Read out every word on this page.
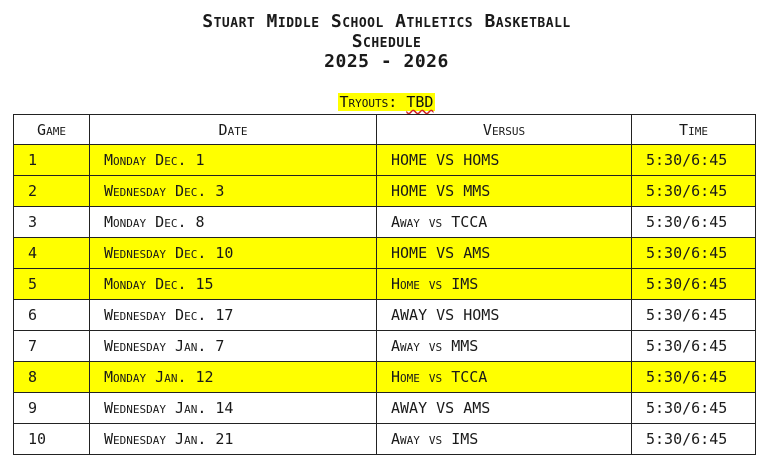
Stuart Middle School Athletics Basketball
Schedule
2025 - 2026
Tryouts: TBD
Game	Date	Versus	Time
1	Monday Dec. 1	HOME VS HOMS	5:30/6:45
2	Wednesday Dec. 3	HOME VS MMS	5:30/6:45
3	Monday Dec. 8	Away vs TCCA	5:30/6:45
4	Wednesday Dec. 10	HOME VS AMS	5:30/6:45
5	Monday Dec. 15	Home vs IMS	5:30/6:45
6	Wednesday Dec. 17	AWAY VS HOMS	5:30/6:45
7	Wednesday Jan. 7	Away vs MMS	5:30/6:45
8	Monday Jan. 12	Home vs TCCA	5:30/6:45
9	Wednesday Jan. 14	AWAY VS AMS	5:30/6:45
10	Wednesday Jan. 21	Away vs IMS	5:30/6:45
